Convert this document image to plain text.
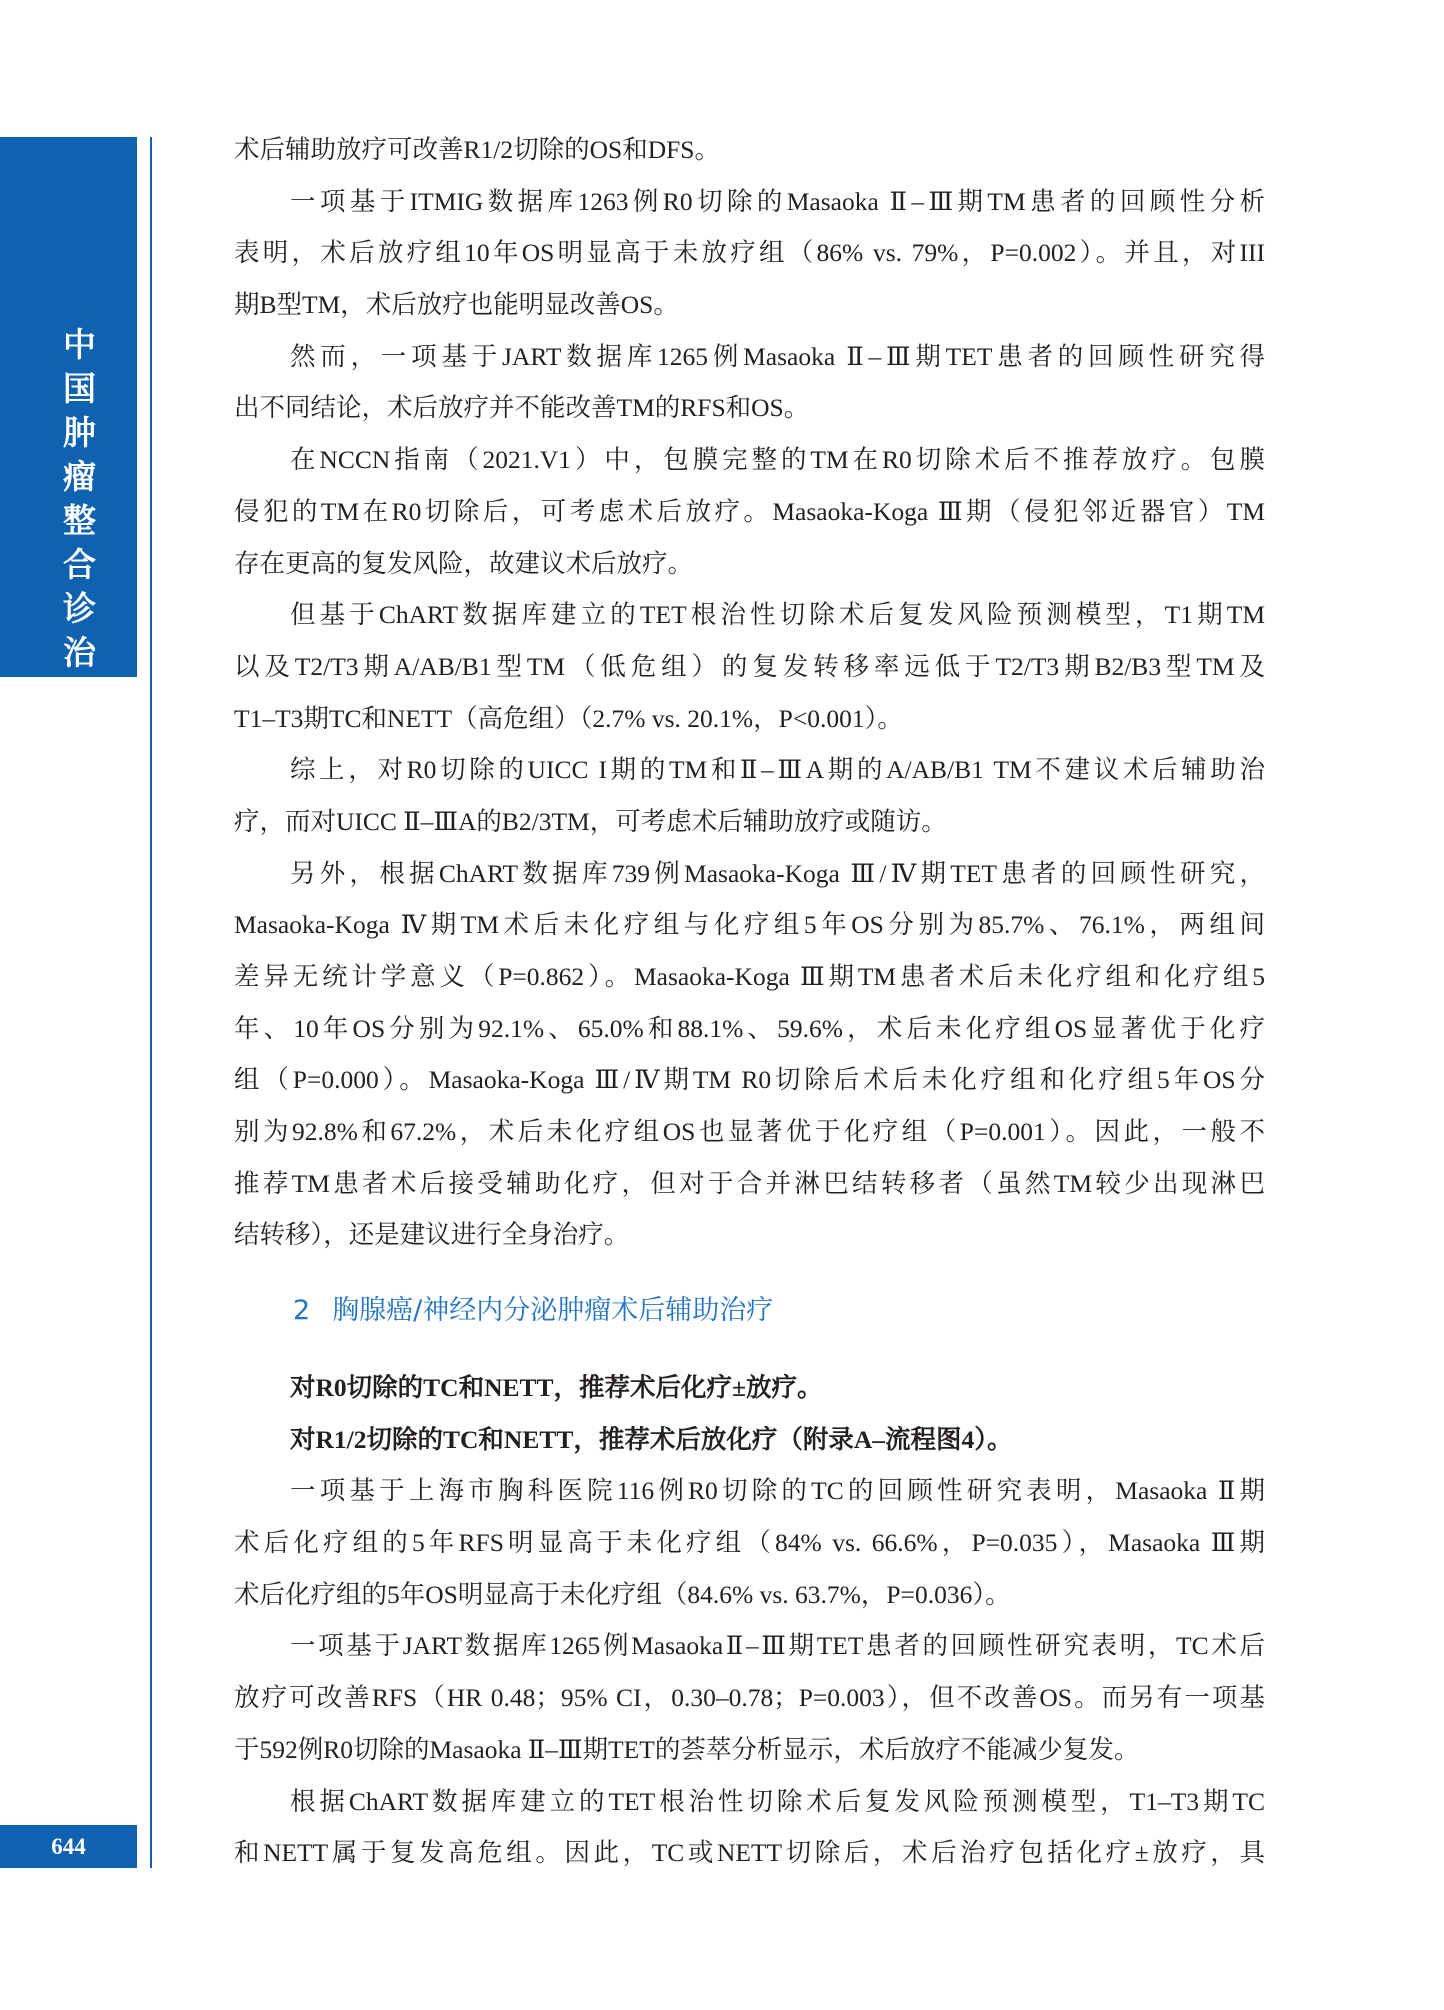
中国肿瘤整合诊治指南
644
术后辅助放疗可改善R1/2切除的OS和DFS。
一项基于ITMIG数据库1263例R0切除的Masaoka Ⅱ–Ⅲ期TM患者的回顾性分析
表明，术后放疗组10年OS明显高于未放疗组（86% vs. 79%，P=0.002）。并且，对III
期B型TM，术后放疗也能明显改善OS。
然而，一项基于JART数据库1265例Masaoka Ⅱ–Ⅲ期TET患者的回顾性研究得
出不同结论，术后放疗并不能改善TM的RFS和OS。
在NCCN指南（2021.V1）中，包膜完整的TM在R0切除术后不推荐放疗。包膜
侵犯的TM在R0切除后，可考虑术后放疗。Masaoka-Koga Ⅲ期（侵犯邻近器官）TM
存在更高的复发风险，故建议术后放疗。
但基于ChART数据库建立的TET根治性切除术后复发风险预测模型，T1期TM
以及T2/T3期A/AB/B1型TM（低危组）的复发转移率远低于T2/T3期B2/B3型TM及
T1–T3期TC和NETT（高危组）（2.7% vs. 20.1%，P<0.001）。
综上，对R0切除的UICC I期的TM和Ⅱ–ⅢA期的A/AB/B1 TM不建议术后辅助治
疗，而对UICC Ⅱ–ⅢA的B2/3TM，可考虑术后辅助放疗或随访。
另外，根据ChART数据库739例Masaoka-Koga Ⅲ/Ⅳ期TET患者的回顾性研究，
Masaoka-Koga Ⅳ期TM术后未化疗组与化疗组5年OS分别为85.7%、76.1%，两组间
差异无统计学意义（P=0.862）。Masaoka-Koga Ⅲ期TM患者术后未化疗组和化疗组5
年、10年OS分别为92.1%、65.0%和88.1%、59.6%，术后未化疗组OS显著优于化疗
组（P=0.000）。Masaoka-Koga Ⅲ/Ⅳ期TM R0切除后术后未化疗组和化疗组5年OS分
别为92.8%和67.2%，术后未化疗组OS也显著优于化疗组（P=0.001）。因此，一般不
推荐TM患者术后接受辅助化疗，但对于合并淋巴结转移者（虽然TM较少出现淋巴
结转移），还是建议进行全身治疗。
2 胸腺癌/神经内分泌肿瘤术后辅助治疗
对R0切除的TC和NETT，推荐术后化疗±放疗。
对R1/2切除的TC和NETT，推荐术后放化疗（附录A–流程图4）。
一项基于上海市胸科医院116例R0切除的TC的回顾性研究表明，Masaoka Ⅱ期
术后化疗组的5年RFS明显高于未化疗组（84% vs. 66.6%，P=0.035），Masaoka Ⅲ期
术后化疗组的5年OS明显高于未化疗组（84.6% vs. 63.7%，P=0.036）。
一项基于JART数据库1265例MasaokaⅡ–Ⅲ期TET患者的回顾性研究表明，TC术后
放疗可改善RFS（HR 0.48；95% CI，0.30–0.78；P=0.003），但不改善OS。而另有一项基
于592例R0切除的Masaoka Ⅱ–Ⅲ期TET的荟萃分析显示，术后放疗不能减少复发。
根据ChART数据库建立的TET根治性切除术后复发风险预测模型，T1–T3期TC
和NETT属于复发高危组。因此，TC或NETT切除后，术后治疗包括化疗±放疗，具
